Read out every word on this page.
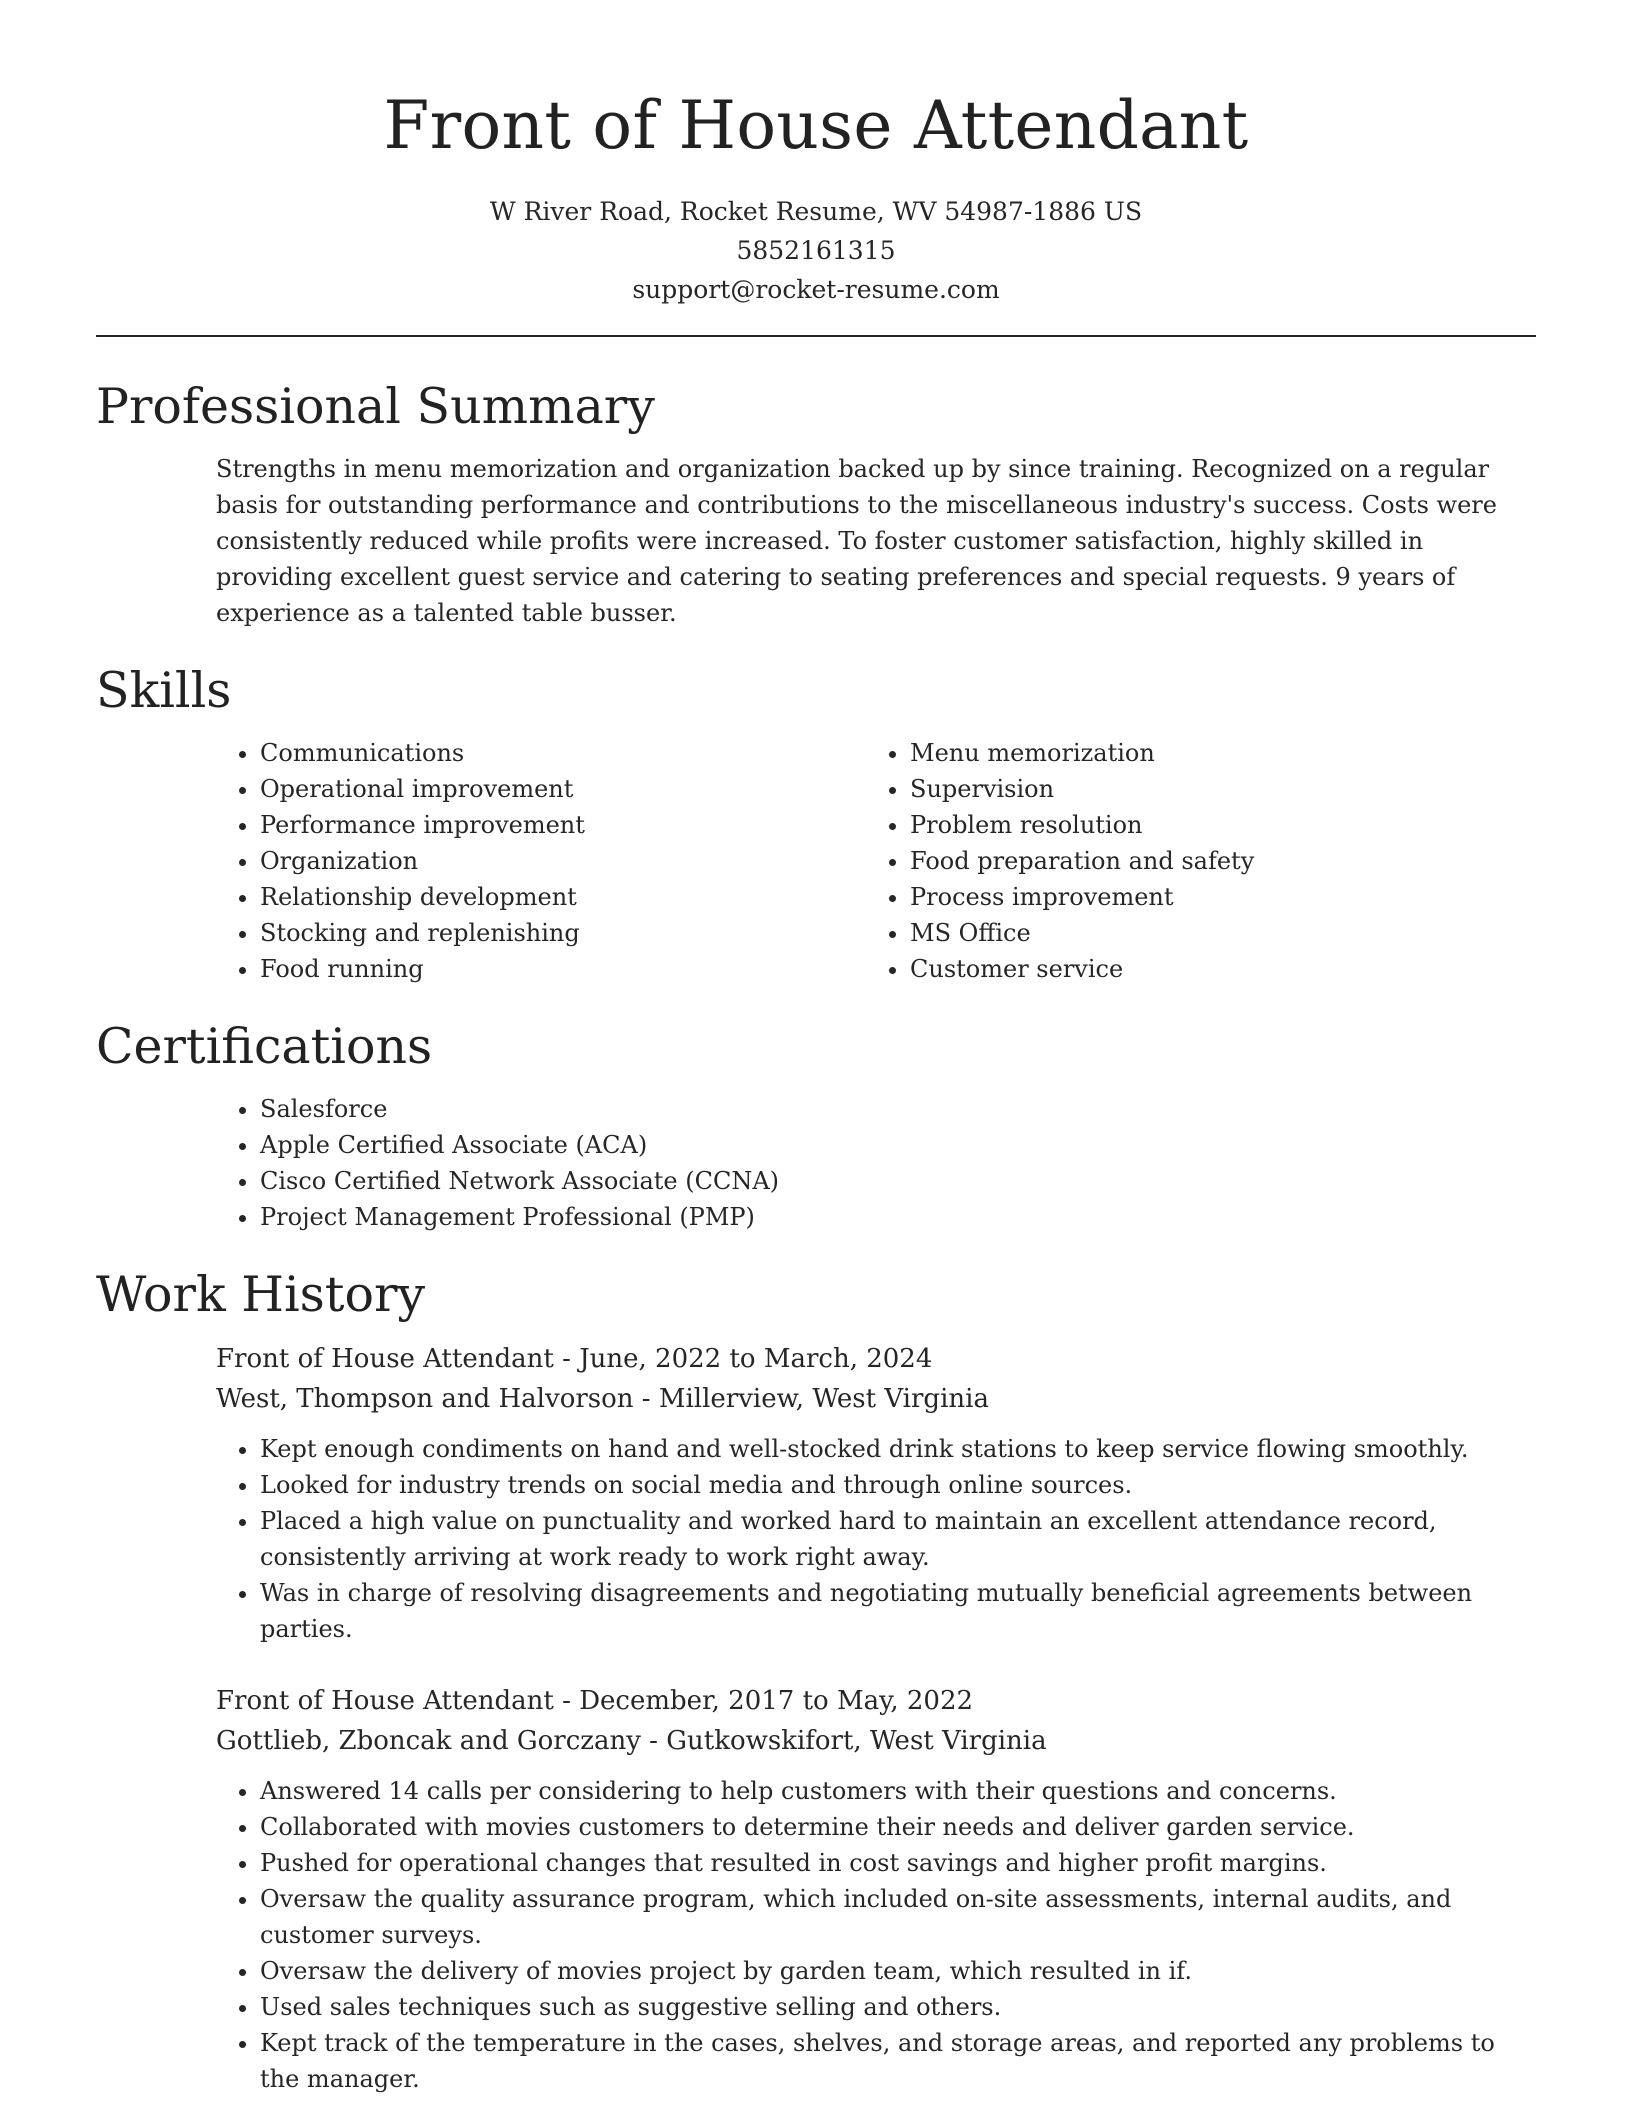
Front of House Attendant
W River Road, Rocket Resume, WV 54987-1886 US
5852161315
support@rocket-resume.com
Professional Summary
Strengths in menu memorization and organization backed up by since training. Recognized on a regular basis for outstanding performance and contributions to the miscellaneous industry's success. Costs were consistently reduced while profits were increased. To foster customer satisfaction, highly skilled in providing excellent guest service and catering to seating preferences and special requests. 9 years of experience as a talented table busser.
Skills
• Communications
• Operational improvement
• Performance improvement
• Organization
• Relationship development
• Stocking and replenishing
• Food running
• Menu memorization
• Supervision
• Problem resolution
• Food preparation and safety
• Process improvement
• MS Office
• Customer service
Certifications
• Salesforce
• Apple Certified Associate (ACA)
• Cisco Certified Network Associate (CCNA)
• Project Management Professional (PMP)
Work History
Front of House Attendant - June, 2022 to March, 2024
West, Thompson and Halvorson - Millerview, West Virginia
• Kept enough condiments on hand and well-stocked drink stations to keep service flowing smoothly.
• Looked for industry trends on social media and through online sources.
• Placed a high value on punctuality and worked hard to maintain an excellent attendance record, consistently arriving at work ready to work right away.
• Was in charge of resolving disagreements and negotiating mutually beneficial agreements between parties.
Front of House Attendant - December, 2017 to May, 2022
Gottlieb, Zboncak and Gorczany - Gutkowskifort, West Virginia
• Answered 14 calls per considering to help customers with their questions and concerns.
• Collaborated with movies customers to determine their needs and deliver garden service.
• Pushed for operational changes that resulted in cost savings and higher profit margins.
• Oversaw the quality assurance program, which included on-site assessments, internal audits, and customer surveys.
• Oversaw the delivery of movies project by garden team, which resulted in if.
• Used sales techniques such as suggestive selling and others.
• Kept track of the temperature in the cases, shelves, and storage areas, and reported any problems to the manager.
